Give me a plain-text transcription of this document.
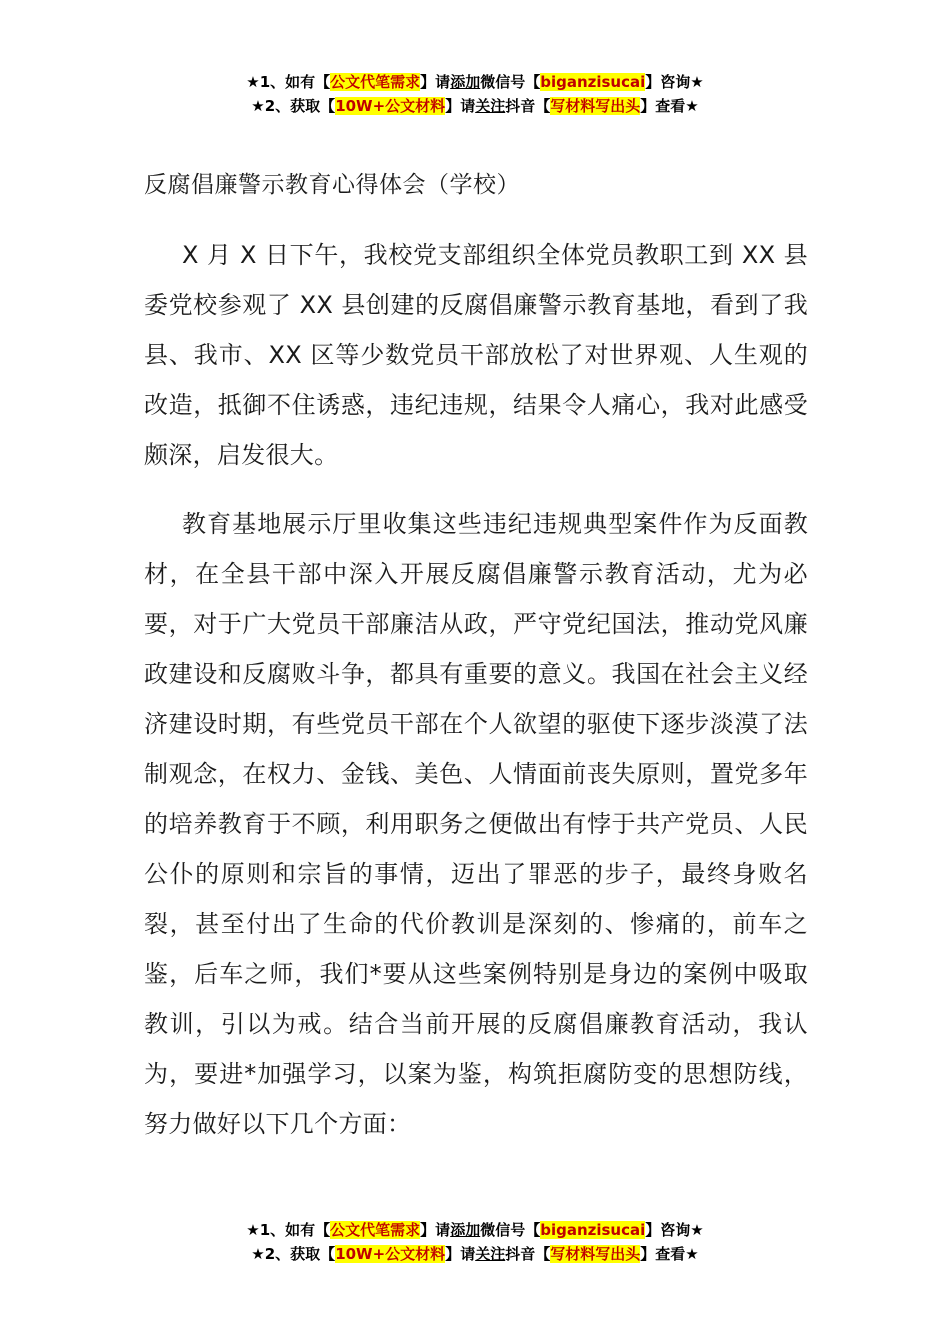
★1、如有【公文代笔需求】请添加微信号【biganzisucai】咨询★
★2、获取【10W+公文材料】请关注抖音【写材料写出头】查看★
反腐倡廉警示教育心得体会（学校）

X 月 X 日下午，我校党支部组织全体党员教职工到 XX 县委党校参观了 XX 县创建的反腐倡廉警示教育基地，看到了我县、我市、XX 区等少数党员干部放松了对世界观、人生观的改造，抵御不住诱惑，违纪违规，结果令人痛心，我对此感受颇深，启发很大。

教育基地展示厅里收集这些违纪违规典型案件作为反面教材，在全县干部中深入开展反腐倡廉警示教育活动，尤为必要，对于广大党员干部廉洁从政，严守党纪国法，推动党风廉政建设和反腐败斗争，都具有重要的意义。我国在社会主义经济建设时期，有些党员干部在个人欲望的驱使下逐步淡漠了法制观念，在权力、金钱、美色、人情面前丧失原则，置党多年的培养教育于不顾，利用职务之便做出有悖于共产党员、人民公仆的原则和宗旨的事情，迈出了罪恶的步子，最终身败名裂，甚至付出了生命的代价教训是深刻的、惨痛的，前车之鉴，后车之师，我们*要从这些案例特别是身边的案例中吸取教训，引以为戒。结合当前开展的反腐倡廉教育活动，我认为，要进*加强学习，以案为鉴，构筑拒腐防变的思想防线，努力做好以下几个方面：

★1、如有【公文代笔需求】请添加微信号【biganzisucai】咨询★
★2、获取【10W+公文材料】请关注抖音【写材料写出头】查看★
